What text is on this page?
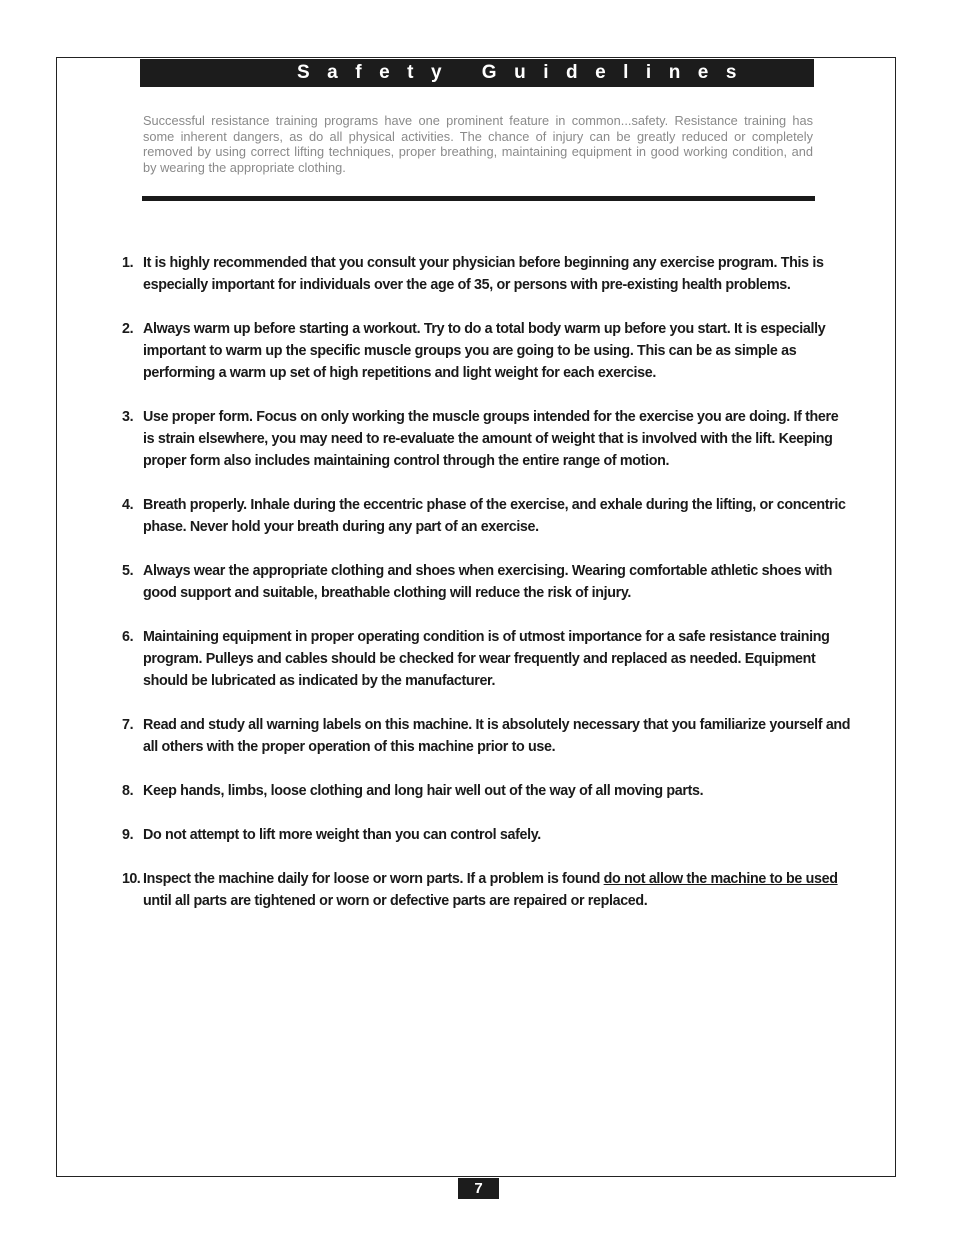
Safety Guidelines
Successful resistance training programs have one prominent feature in common...safety. Resistance training has some inherent dangers, as do all physical activities. The chance of injury can be greatly reduced or completely removed by using correct lifting techniques, proper breathing, maintaining equipment in good working condition, and by wearing the appropriate clothing.
1. It is highly recommended that you consult your physician before beginning any exercise program. This is especially important for individuals over the age of 35, or persons with pre-existing health problems.
2. Always warm up before starting a workout. Try to do a total body warm up before you start. It is especially important to warm up the specific muscle groups you are going to be using. This can be as simple as performing a warm up set of high repetitions and light weight for each exercise.
3. Use proper form. Focus on only working the muscle groups intended for the exercise you are doing. If there is strain elsewhere, you may need to re-evaluate the amount of weight that is involved with the lift. Keeping proper form also includes maintaining control through the entire range of motion.
4. Breath properly. Inhale during the eccentric phase of the exercise, and exhale during the lifting, or concentric phase. Never hold your breath during any part of an exercise.
5. Always wear the appropriate clothing and shoes when exercising. Wearing comfortable athletic shoes with good support and suitable, breathable clothing will reduce the risk of injury.
6. Maintaining equipment in proper operating condition is of utmost importance for a safe resistance training program. Pulleys and cables should be checked for wear frequently and replaced as needed. Equipment should be lubricated as indicated by the manufacturer.
7. Read and study all warning labels on this machine. It is absolutely necessary that you familiarize yourself and all others with the proper operation of this machine prior to use.
8. Keep hands, limbs, loose clothing and long hair well out of the way of all moving parts.
9. Do not attempt to lift more weight than you can control safely.
10. Inspect the machine daily for loose or worn parts. If a problem is found do not allow the machine to be used until all parts are tightened or worn or defective parts are repaired or replaced.
7
